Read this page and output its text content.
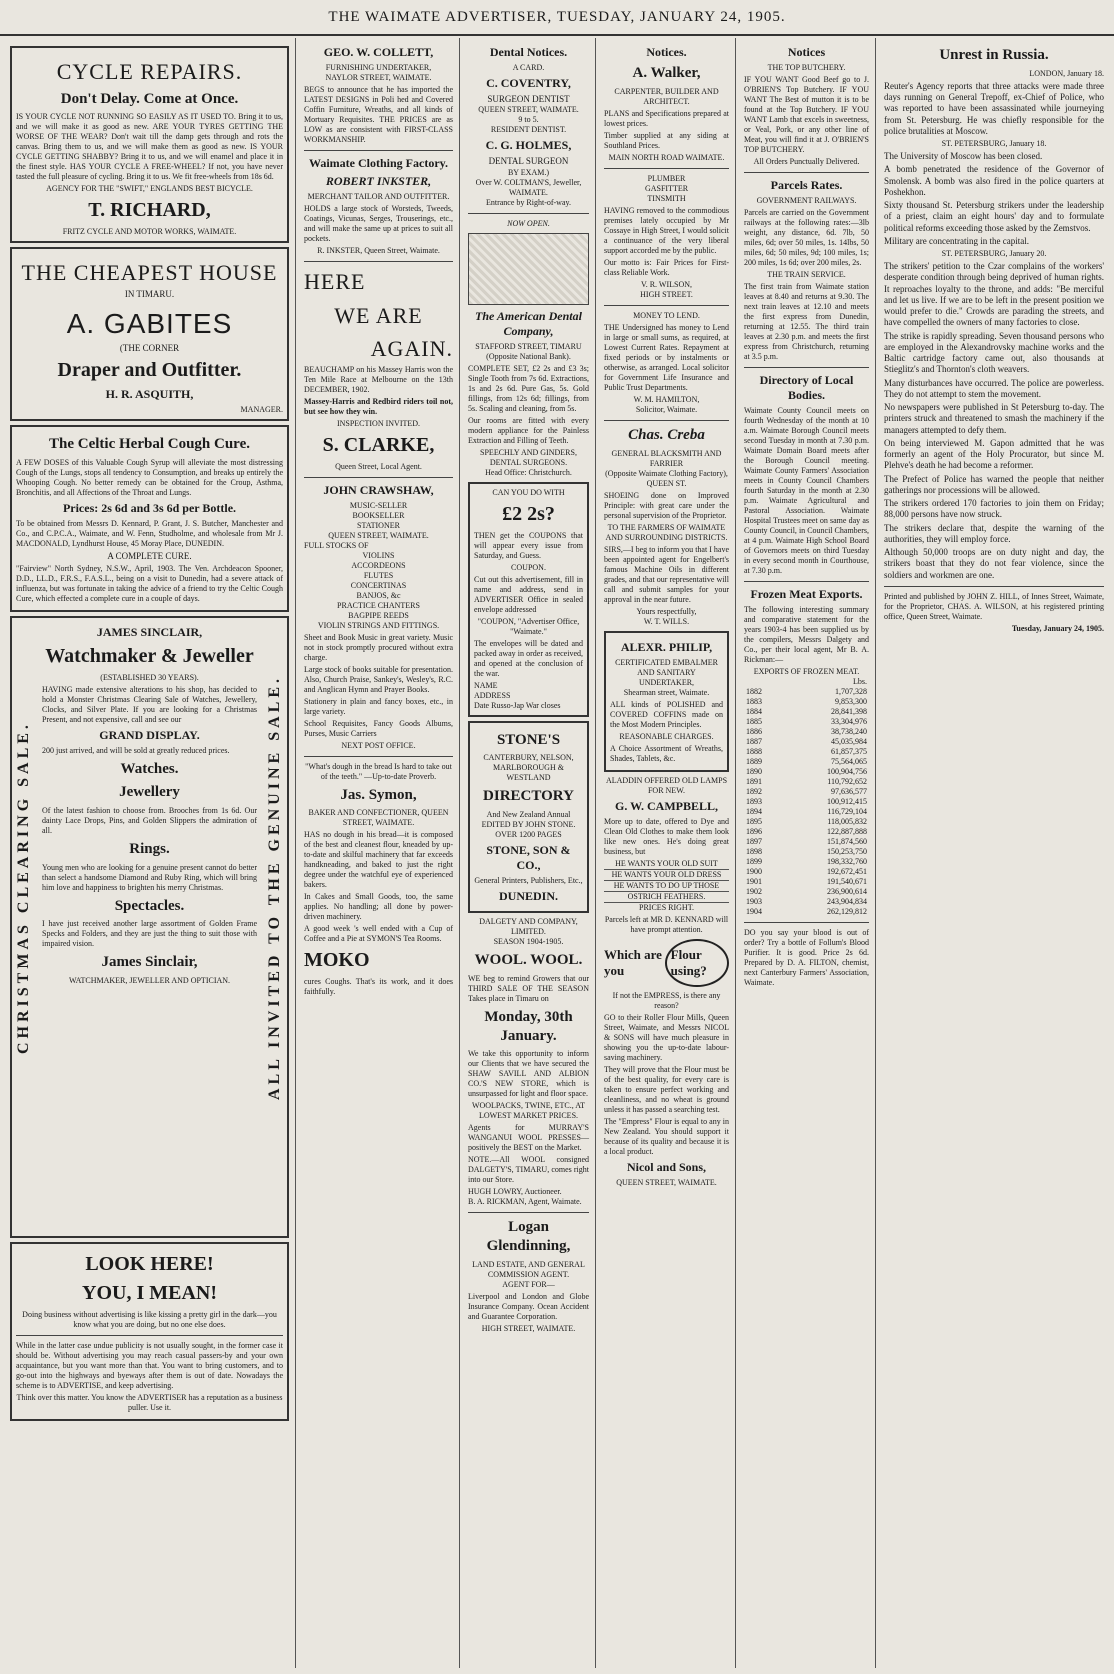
THE WAIMATE ADVERTISER, TUESDAY, JANUARY 24, 1905.
CYCLE REPAIRS.
Don't Delay. Come at Once.

IS YOUR CYCLE NOT RUNNING SO EASILY AS IT USED TO. Bring it to us, and we will make it as good as new. ARE YOUR TYRES GETTING THE WORSE OF THE WEAR? Don't wait till the damp gets through and rots the canvas. Bring them to us, and we will make them as good as new. IS YOUR CYCLE GETTING SHABBY? Bring it to us, and we will enamel and place it in the finest style. HAS YOUR CYCLE A FREE-WHEEL? If not, you have never tasted the full pleasure of cycling. Bring it to us. We fit free-wheels from 18s 6d.

AGENCY FOR THE "SWIFT," ENGLANDS BEST BICYCLE.
T. RICHARD,
FRITZ CYCLE AND MOTOR WORKS, WAIMATE.
THE CHEAPEST HOUSE
IN TIMARU.
A. GABITES
(THE CORNER
Draper and Outfitter.
H. R. ASQUITH,
MANAGER.
The Celtic Herbal Cough Cure.

A FEW DOSES of this Valuable Cough Syrup will alleviate the most distressing Cough of the Lungs, stops all tendency to Consumption, and breaks up entirely the Whooping Cough. No better remedy can be obtained for the Croup, Asthma, Bronchitis, and all Affections of the Throat and Lungs.

Prices: 2s 6d and 3s 6d per Bottle.

To be obtained from Messrs D. Kennard, P. Grant, J. S. Butcher, Manchester and Co., and C.P.C.A., Waimate, and W. Fenn, Studholme, and wholesale from Mr J. MACDONALD, Lyndhurst House, 45 Moray Place, DUNEDIN.

A COMPLETE CURE.

"Fairview" North Sydney, N.S.W., April, 1903. The Ven. Archdeacon Spooner, D.D., LL.D., F.R.S., F.A.S.L., being on a visit to Dunedin, had a severe attack of influenza, but was fortunate in taking the advice of a friend to try the Celtic Cough Cure, which effected a complete cure in a couple of days.

CHRISTMAS CLEARING SALE.	ALL INVITED TO THE GENUINE SALE.
JAMES SINCLAIR,
Watchmaker & Jeweller
(ESTABLISHED 30 YEARS).

HAVING made extensive alterations to his shop, has decided to hold a Monster Christmas Clearing Sale of Watches, Jewellery, Clocks, and Silver Plate. If you are looking for a Christmas Present, and not expensive, call and see our

GRAND DISPLAY.

200 just arrived, and will be sold at greatly reduced prices.

Watches.
Jewellery

Of the latest fashion to choose from. Brooches from 1s 6d. Our dainty Lace Drops, Pins, and Golden Slippers the admiration of all.

Rings.

Young men who are looking for a genuine present cannot do better than select a handsome Diamond and Ruby Ring, which will bring him love and happiness to brighten his merry Christmas.

Spectacles.

I have just received another large assortment of Golden Frame Specks and Folders, and they are just the thing to suit those with impaired vision.

James Sinclair,
WATCHMAKER, JEWELLER AND OPTICIAN.
LOOK HERE!
YOU, I MEAN!

Doing business without advertising is like kissing a pretty girl in the dark—you know what you are doing, but no one else does.

While in the latter case undue publicity is not usually sought, in the former case it should be. Without advertising you may reach casual passers-by and your own acquaintance, but you want more than that. You want to bring customers, and to go-out into the highways and byeways after them is out of date. Nowadays the scheme is to ADVERTISE, and keep advertising.

Think over this matter. You know the ADVERTISER has a reputation as a business puller. Use it.

GEO. W. COLLETT,
FURNISHING UNDERTAKER,
NAYLOR STREET, WAIMATE.

BEGS to announce that he has imported the LATEST DESIGNS in Poli hed and Covered Coffin Furniture, Wreaths, and all kinds of Mortuary Requisites. THE PRICES are as LOW as are consistent with FIRST-CLASS WORKMANSHIP.

Waimate Clothing Factory.
ROBERT INKSTER,
MERCHANT TAILOR AND OUTFITTER.

HOLDS a large stock of Worsteds, Tweeds, Coatings, Vicunas, Serges, Trouserings, etc., and will make the same up at prices to suit all pockets.

R. INKSTER, Queen Street, Waimate.
HERE
WE ARE
AGAIN.

BEAUCHAMP on his Massey Harris won the Ten Mile Race at Melbourne on the 13th DECEMBER, 1902.

Massey-Harris and Redbird riders toil not, but see how they win.

INSPECTION INVITED.
S. CLARKE,
Queen Street, Local Agent.
JOHN CRAWSHAW,
MUSIC-SELLER
BOOKSELLER
STATIONER
QUEEN STREET, WAIMATE.
FULL STOCKS OF
VIOLINS
ACCORDEONS
FLUTES
CONCERTINAS
BANJOS, &c
PRACTICE CHANTERS
BAGPIPE REEDS
VIOLIN STRINGS AND FITTINGS.

Sheet and Book Music in great variety. Music not in stock promptly procured without extra charge.

Large stock of books suitable for presentation. Also, Church Praise, Sankey's, Wesley's, R.C. and Anglican Hymn and Prayer Books.

Stationery in plain and fancy boxes, etc., in large variety.

School Requisites, Fancy Goods Albums, Purses, Music Carriers

NEXT POST OFFICE.

"What's dough in the bread Is hard to take out of the teeth." —Up-to-date Proverb.

Jas. Symon,
BAKER AND CONFECTIONER, QUEEN STREET, WAIMATE.

HAS no dough in his bread—it is composed of the best and cleanest flour, kneaded by up-to-date and skilful machinery that far exceeds handkneading, and baked to just the right degree under the watchful eye of experienced bakers.

In Cakes and Small Goods, too, the same applies. No handling; all done by power-driven machinery.

A good week 's well ended with a Cup of Coffee and a Pie at SYMON'S Tea Rooms.

MOKO

cures Coughs. That's its work, and it does faithfully.

Dental Notices.
A CARD.
C. COVENTRY,
SURGEON DENTIST
QUEEN STREET, WAIMATE.
9 to 5.
RESIDENT DENTIST.
C. G. HOLMES,
DENTAL SURGEON
BY EXAM.)
Over W. COLTMAN'S, Jeweller, WAIMATE.
Entrance by Right-of-way.
NOW OPEN.
The American Dental Company,
STAFFORD STREET, TIMARU (Opposite National Bank).

COMPLETE SET, £2 2s and £3 3s; Single Tooth from 7s 6d. Extractions, 1s and 2s 6d. Pure Gas, 5s. Gold fillings, from 12s 6d; fillings, from 5s. Scaling and cleaning, from 5s.

Our rooms are fitted with every modern appliance for the Painless Extraction and Filling of Teeth.

SPEECHLY AND GINDERS, DENTAL SURGEONS.
Head Office: Christchurch.
CAN YOU DO WITH
£2 2s?

THEN get the COUPONS that will appear every issue from Saturday, and Guess.

COUPON.

Cut out this advertisement, fill in name and address, send in ADVERTISER Office in sealed envelope addressed

"COUPON, "Advertiser Office, "Waimate."

The envelopes will be dated and packed away in order as received, and opened at the conclusion of the war.

NAME
ADDRESS
Date Russo-Jap War closes
STONE'S
CANTERBURY, NELSON, MARLBOROUGH & WESTLAND
DIRECTORY
And New Zealand Annual
EDITED BY JOHN STONE.
OVER 1200 PAGES
STONE, SON & CO.,
General Printers, Publishers, Etc.,
DUNEDIN.
DALGETY AND COMPANY, LIMITED.
SEASON 1904-1905.
WOOL. WOOL.

WE beg to remind Growers that our THIRD SALE OF THE SEASON Takes place in Timaru on

Monday, 30th January.

We take this opportunity to inform our Clients that we have secured the SHAW SAVILL AND ALBION CO.'S NEW STORE, which is unsurpassed for light and floor space.

WOOLPACKS, TWINE, ETC., AT LOWEST MARKET PRICES.

Agents for MURRAY'S WANGANUI WOOL PRESSES—positively the BEST on the Market.

NOTE.—All WOOL consigned DALGETY'S, TIMARU, comes right into our Store.

HUGH LOWRY, Auctioneer.
B. A. RICKMAN, Agent, Waimate.
Logan Glendinning,
LAND ESTATE, AND GENERAL COMMISSION AGENT.
AGENT FOR—

Liverpool and London and Globe Insurance Company. Ocean Accident and Guarantee Corporation.

HIGH STREET, WAIMATE.
Notices.
A. Walker,
CARPENTER, BUILDER AND ARCHITECT.

PLANS and Specifications prepared at lowest prices.

Timber supplied at any siding at Southland Prices.

MAIN NORTH ROAD WAIMATE.
PLUMBER
GASFITTER
TINSMITH

HAVING removed to the commodious premises lately occupied by Mr Cossaye in High Street, I would solicit a continuance of the very liberal support accorded me by the public.

Our motto is: Fair Prices for First-class Reliable Work.

V. R. WILSON,
HIGH STREET.
MONEY TO LEND.

THE Undersigned has money to Lend in large or small sums, as required, at Lowest Current Rates. Repayment at fixed periods or by instalments or otherwise, as arranged. Local solicitor for Government Life Insurance and Public Trust Departments.

W. M. HAMILTON,
Solicitor, Waimate.
Chas. Creba
GENERAL BLACKSMITH AND FARRIER
(Opposite Waimate Clothing Factory), QUEEN ST.

SHOEING done on Improved Principle: with great care under the personal supervision of the Proprietor.

TO THE FARMERS OF WAIMATE AND SURROUNDING DISTRICTS.

SIRS,—I beg to inform you that I have been appointed agent for Engelbert's famous Machine Oils in different grades, and that our representative will call and submit samples for your approval in the near future.

Yours respectfully,
W. T. WILLS.
ALEXR. PHILIP,
CERTIFICATED EMBALMER AND SANITARY UNDERTAKER,
Shearman street, Waimate.

ALL kinds of POLISHED and COVERED COFFINS made on the Most Modern Principles.

REASONABLE CHARGES.

A Choice Assortment of Wreaths, Shades, Tablets, &c.

ALADDIN OFFERED OLD LAMPS FOR NEW.
G. W. CAMPBELL,

More up to date, offered to Dye and Clean Old Clothes to make them look like new ones. He's doing great business, but

HE WANTS YOUR OLD SUIT
HE WANTS YOUR OLD DRESS
HE WANTS TO DO UP THOSE
OSTRICH FEATHERS.
PRICES RIGHT.

Parcels left at MR D. KENNARD will have prompt attention.

Which are you
Flour using?

If not the EMPRESS, is there any reason?

GO to their Roller Flour Mills, Queen Street, Waimate, and Messrs NICOL & SONS will have much pleasure in showing you the up-to-date labour-saving machinery.

They will prove that the Flour must be of the best quality, for every care is taken to ensure perfect working and cleanliness, and no wheat is ground unless it has passed a searching test.

The "Empress" Flour is equal to any in New Zealand. You should support it because of its quality and because it is a local product.

Nicol and Sons,
QUEEN STREET, WAIMATE.
Notices
THE TOP BUTCHERY.

IF YOU WANT Good Beef go to J. O'BRIEN'S Top Butchery. IF YOU WANT The Best of mutton it is to be found at the Top Butchery. IF YOU WANT Lamb that excels in sweetness, or Veal, Pork, or any other line of Meat, you will find it at J. O'BRIEN'S TOP BUTCHERY.

All Orders Punctually Delivered.
Parcels Rates.
GOVERNMENT RAILWAYS.

Parcels are carried on the Government railways at the following rates:—3lb weight, any distance, 6d. 7lb, 50 miles, 6d; over 50 miles, 1s. 14lbs, 50 miles, 6d; 50 miles, 9d; 100 miles, 1s; 200 miles, 1s 6d; over 200 miles, 2s.

THE TRAIN SERVICE.

The first train from Waimate station leaves at 8.40 and returns at 9.30. The next train leaves at 12.10 and meets the first express from Dunedin, returning at 12.55. The third train leaves at 2.30 p.m. and meets the first express from Christchurch, returning at 3.5 p.m.

Directory of Local Bodies.

Waimate County Council meets on fourth Wednesday of the month at 10 a.m. Waimate Borough Council meets second Tuesday in month at 7.30 p.m. Waimate Domain Board meets after the Borough Council meeting. Waimate County Farmers' Association meets in County Council Chambers fourth Saturday in the month at 2.30 p.m. Waimate Agricultural and Pastoral Association. Waimate Hospital Trustees meet on same day as County Council, in Council Chambers, at 4 p.m. Waimate High School Board of Governors meets on third Tuesday in every second month in Courthouse, at 7.30 p.m.

Frozen Meat Exports.

The following interesting summary and comparative statement for the years 1903-4 has been supplied us by the compilers, Messrs Dalgety and Co., per their local agent, Mr B. A. Rickman:—

EXPORTS OF FROZEN MEAT.
	Lbs.
1882	1,707,328
1883	9,853,300
1884	28,841,398
1885	33,304,976
1886	38,738,240
1887	45,035,984
1888	61,857,375
1889	75,564,065
1890	100,904,756
1891	110,792,652
1892	97,636,577
1893	100,912,415
1894	116,729,104
1895	118,005,832
1896	122,887,888
1897	151,874,560
1898	150,253,750
1899	198,332,760
1900	192,672,451
1901	191,540,671
1902	236,900,614
1903	243,904,834
1904	262,129,812

DO you say your blood is out of order? Try a bottle of Follum's Blood Purifier. It is good. Price 2s 6d. Prepared by D. A. FILTON, chemist, next Canterbury Farmers' Association, Waimate.

Unrest in Russia.
LONDON, January 18.

Reuter's Agency reports that three attacks were made three days running on General Trepoff, ex-Chief of Police, who was reported to have been assassinated while journeying from St. Petersburg. He was chiefly responsible for the police brutalities at Moscow.

ST. PETERSBURG, January 18.

The University of Moscow has been closed.

A bomb penetrated the residence of the Governor of Smolensk. A bomb was also fired in the police quarters at Poshekhon.

Sixty thousand St. Petersburg strikers under the leadership of a priest, claim an eight hours' day and to formulate political reforms exceeding those asked by the Zemstvos.

Military are concentrating in the capital.

ST. PETERSBURG, January 20.

The strikers' petition to the Czar complains of the workers' desperate condition through being deprived of human rights. It reproaches loyalty to the throne, and adds: "Be merciful and let us live. If we are to be left in the present position we would prefer to die." Crowds are parading the streets, and have compelled the owners of many factories to close.

The strike is rapidly spreading. Seven thousand persons who are employed in the Alexandrovsky machine works and the Baltic cartridge factory came out, also thousands at Stieglitz's and Thornton's cloth weavers.

Many disturbances have occurred. The police are powerless. They do not attempt to stem the movement.

No newspapers were published in St Petersburg to-day. The printers struck and threatened to smash the machinery if the managers attempted to defy them.

On being interviewed M. Gapon admitted that he was formerly an agent of the Holy Procurator, but since M. Plehve's death he had become a reformer.

The Prefect of Police has warned the people that neither gatherings nor processions will be allowed.

The strikers ordered 170 factories to join them on Friday; 88,000 persons have now struck.

The strikers declare that, despite the warning of the authorities, they will employ force.

Although 50,000 troops are on duty night and day, the strikers boast that they do not fear violence, since the soldiers and workmen are one.

Printed and published by JOHN Z. HILL, of Innes Street, Waimate, for the Proprietor, CHAS. A. WILSON, at his registered printing office, Queen Street, Waimate.

Tuesday, January 24, 1905.
